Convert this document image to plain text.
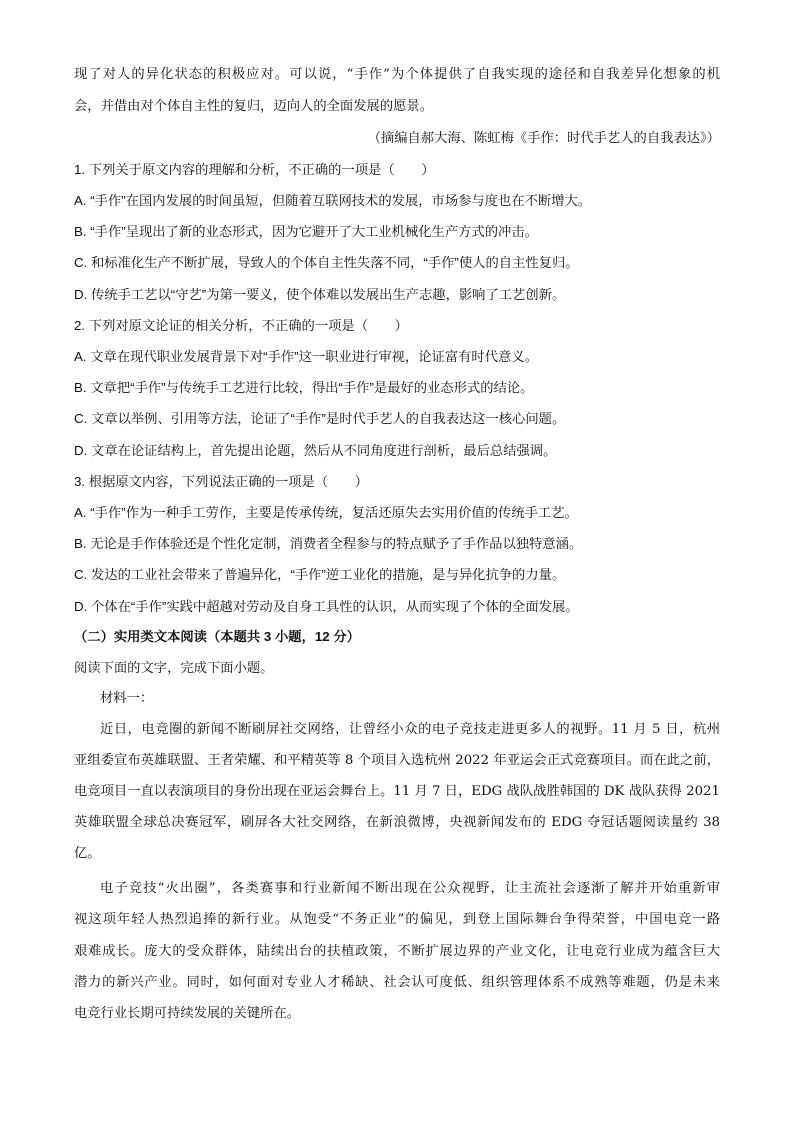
现了对人的异化状态的积极应对。可以说，“手作”为个体提供了自我实现的途径和自我差异化想象的机
会，并借由对个体自主性的复归，迈向人的全面发展的愿景。
（摘编自郝大海、陈虹梅《手作：时代手艺人的自我表达》）
1. 下列关于原文内容的理解和分析，不正确的一项是（　　）
A. “手作”在国内发展的时间虽短，但随着互联网技术的发展，市场参与度也在不断增大。
B. “手作”呈现出了新的业态形式，因为它避开了大工业机械化生产方式的冲击。
C. 和标准化生产不断扩展，导致人的个体自主性失落不同，“手作”使人的自主性复归。
D. 传统手工艺以“守艺”为第一要义，使个体难以发展出生产志趣，影响了工艺创新。
2. 下列对原文论证的相关分析，不正确的一项是（　　）
A. 文章在现代职业发展背景下对“手作”这一职业进行审视，论证富有时代意义。
B. 文章把“手作”与传统手工艺进行比较，得出“手作”是最好的业态形式的结论。
C. 文章以举例、引用等方法，论证了“手作”是时代手艺人的自我表达这一核心问题。
D. 文章在论证结构上，首先提出论题，然后从不同角度进行剖析，最后总结强调。
3. 根据原文内容，下列说法正确的一项是（　　）
A. “手作”作为一种手工劳作，主要是传承传统，复活还原失去实用价值的传统手工艺。
B. 无论是手作体验还是个性化定制，消费者全程参与的特点赋予了手作品以独特意涵。
C. 发达的工业社会带来了普遍异化，“手作”逆工业化的措施，是与异化抗争的力量。
D. 个体在“手作”实践中超越对劳动及自身工具性的认识，从而实现了个体的全面发展。
（二）实用类文本阅读（本题共 3 小题，12 分）
阅读下面的文字，完成下面小题。
材料一：
近日，电竞圈的新闻不断刷屏社交网络，让曾经小众的电子竞技走进更多人的视野。11 月 5 日，杭州
亚组委宣布英雄联盟、王者荣耀、和平精英等 8 个项目入选杭州 2022 年亚运会正式竞赛项目。而在此之前，
电竞项目一直以表演项目的身份出现在亚运会舞台上。11 月 7 日，EDG 战队战胜韩国的 DK 战队获得 2021
英雄联盟全球总决赛冠军，刷屏各大社交网络，在新浪微博，央视新闻发布的 EDG 夺冠话题阅读量约 38
亿。
电子竞技“火出圈”，各类赛事和行业新闻不断出现在公众视野，让主流社会逐渐了解并开始重新审
视这项年轻人热烈追捧的新行业。从饱受“不务正业”的偏见，到登上国际舞台争得荣誉，中国电竞一路
艰难成长。庞大的受众群体，陆续出台的扶植政策，不断扩展边界的产业文化，让电竞行业成为蕴含巨大
潜力的新兴产业。同时，如何面对专业人才稀缺、社会认可度低、组织管理体系不成熟等难题，仍是未来
电竞行业长期可持续发展的关键所在。
